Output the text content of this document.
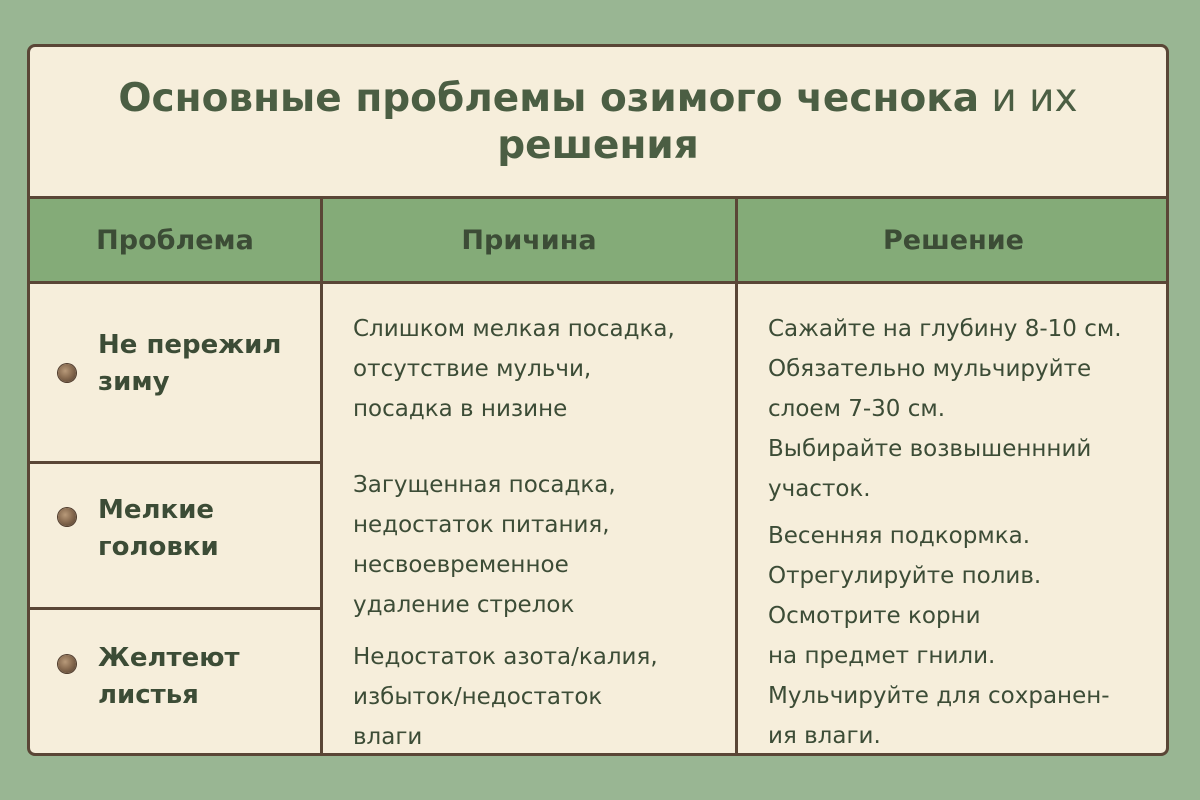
Основные проблемы озимого чеснока и их
решения
Проблема	Причина	Решение
Не пережил
зиму
Мелкие
головки
Желтеют
листья
Слишком мелкая посадка,
отсутствие мульчи,
посадка в низине
Загущенная посадка,
недостаток питания,
несвоевременное
удаление стрелок
Недостаток азота/калия,
избыток/недостаток
влаги
Сажайте на глубину 8-10 см.
Обязательно мульчируйте
слоем 7-30 см.
Выбирайте возвышеннний
участок.
Весенняя подкормка.
Отрегулируйте полив.
Осмотрите корни
на предмет гнили.
Мульчируйте для сохранен-
ия влаги.
